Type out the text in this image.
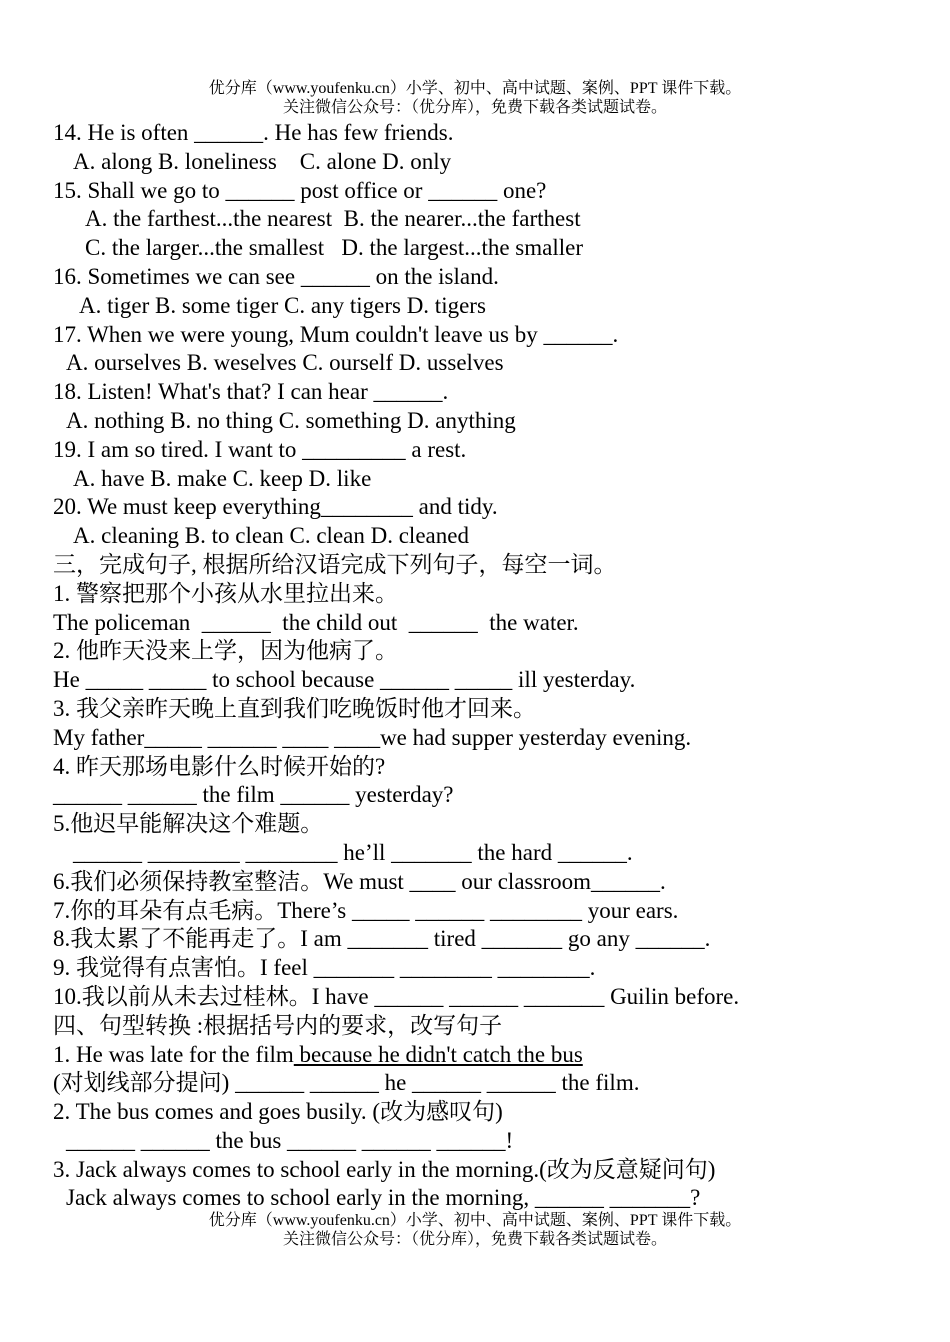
优分库（www.youfenku.cn）小学、初中、高中试题、案例、PPT 课件下载。
关注微信公众号：（优分库），免费下载各类试题试卷。
14. He is often ______. He has few friends.
A. along B. loneliness    C. alone D. only
15. Shall we go to ______ post office or ______ one?
A. the farthest...the nearest  B. the nearer...the farthest
C. the larger...the smallest   D. the largest...the smaller
16. Sometimes we can see ______ on the island.
A. tiger B. some tiger C. any tigers D. tigers
17. When we were young, Mum couldn't leave us by ______.
A. ourselves B. weselves C. ourself D. usselves
18. Listen! What's that? I can hear ______.
A. nothing B. no thing C. something D. anything
19. I am so tired. I want to _________ a rest.
A. have B. make C. keep D. like
20. We must keep everything________ and tidy.
A. cleaning B. to clean C. clean D. cleaned
三，完成句子, 根据所给汉语完成下列句子，每空一词。
1. 警察把那个小孩从水里拉出来。
The policeman  ______  the child out  ______  the water.
2. 他昨天没来上学，因为他病了。
He _____ _____ to school because ______ _____ ill yesterday.
3. 我父亲昨天晚上直到我们吃晚饭时他才回来。
My father_____ ______ ____ ____we had supper yesterday evening.
4. 昨天那场电影什么时候开始的?
______ ______ the film ______ yesterday?
5.他迟早能解决这个难题。
______ ________ ________ he’ll _______ the hard ______.
6.我们必须保持教室整洁。We must ____ our classroom______.
7.你的耳朵有点毛病。There’s _____ ______ ________ your ears.
8.我太累了不能再走了。I am _______ tired _______ go any ______.
9. 我觉得有点害怕。I feel _______ ________ ________.
10.我以前从未去过桂林。I have ______ ______ _______ Guilin before.
四、句型转换 :根据括号内的要求，改写句子
1. He was late for the film because he didn't catch the bus
(对划线部分提问) ______ ______ he ______ ______ the film.
2. The bus comes and goes busily. (改为感叹句)
______ ______ the bus ______ ______ ______!
3. Jack always comes to school early in the morning.(改为反意疑问句)
Jack always comes to school early in the morning, ______ _______?
优分库（www.youfenku.cn）小学、初中、高中试题、案例、PPT 课件下载。
关注微信公众号：（优分库），免费下载各类试题试卷。
